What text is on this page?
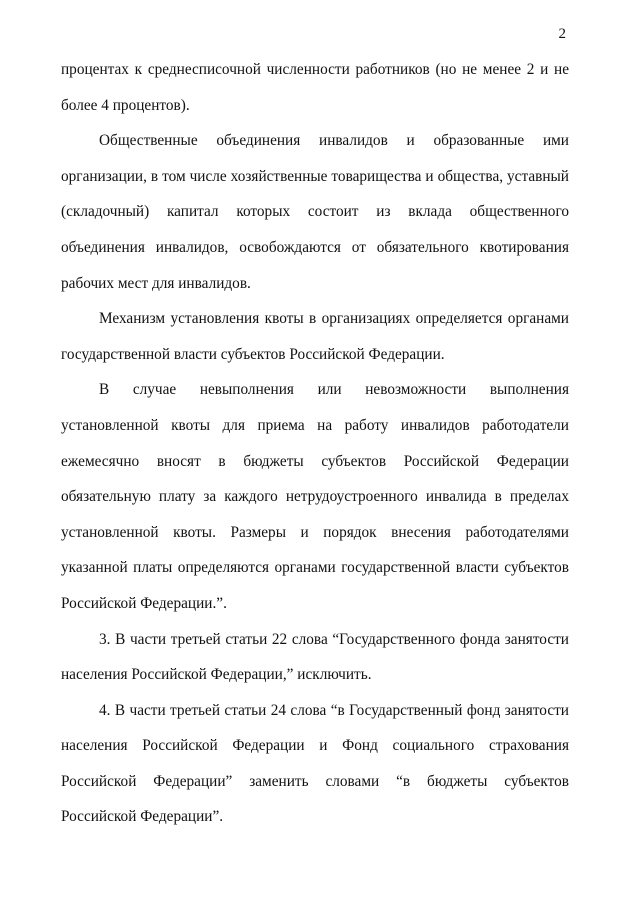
2

процентах к среднесписочной численности работников (но не менее 2 и не более 4 процентов).

Общественные объединения инвалидов и образованные ими организации, в том числе хозяйственные товарищества и общества, уставный (складочный) капитал которых состоит из вклада общественного объединения инвалидов, освобождаются от обязательного квотирования рабочих мест для инвалидов.

Механизм установления квоты в организациях определяется органами государственной власти субъектов Российской Федерации.

В случае невыполнения или невозможности выполнения установленной квоты для приема на работу инвалидов работодатели ежемесячно вносят в бюджеты субъектов Российской Федерации обязательную плату за каждого нетрудоустроенного инвалида в пределах установленной квоты. Размеры и порядок внесения работодателями указанной платы определяются органами государственной власти субъектов Российской Федерации.”.

3. В части третьей статьи 22 слова “Государственного фонда занятости населения Российской Федерации,” исключить.

4. В части третьей статьи 24 слова “в Государственный фонд занятости населения Российской Федерации и Фонд социального страхования Российской Федерации” заменить словами “в бюджеты субъектов Российской Федерации”.
